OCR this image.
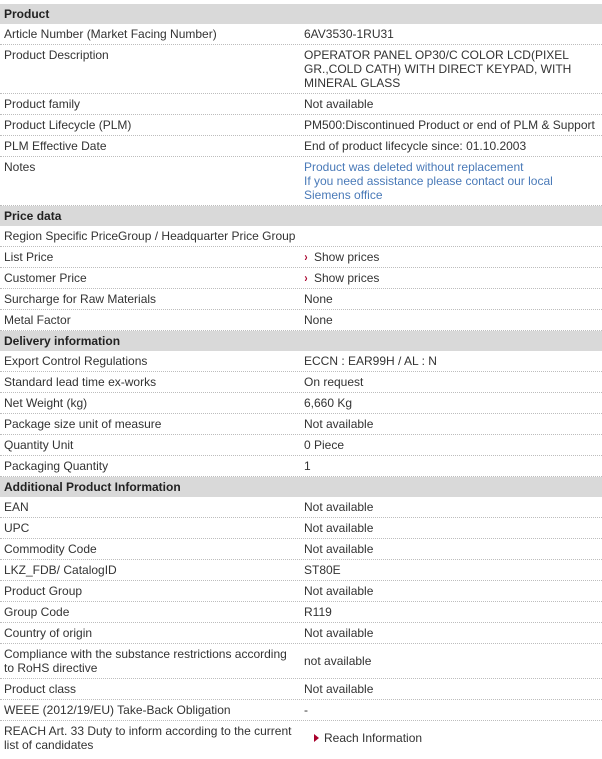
Product
Article Number (Market Facing Number)	6AV3530-1RU31
Product Description	OPERATOR PANEL OP30/C COLOR LCD(PIXEL GR.,COLD CATH) WITH DIRECT KEYPAD, WITH MINERAL GLASS
Product family	Not available
Product Lifecycle (PLM)	PM500:Discontinued Product or end of PLM & Support
PLM Effective Date	End of product lifecycle since: 01.10.2003
Notes	Product was deleted without replacement
If you need assistance please contact our local Siemens office
Price data
Region Specific PriceGroup / Headquarter Price Group
List Price	› Show prices
Customer Price	› Show prices
Surcharge for Raw Materials	None
Metal Factor	None
Delivery information
Export Control Regulations	ECCN : EAR99H / AL : N
Standard lead time ex-works	On request
Net Weight (kg)	6,660 Kg
Package size unit of measure	Not available
Quantity Unit	0 Piece
Packaging Quantity	1
Additional Product Information
EAN	Not available
UPC	Not available
Commodity Code	Not available
LKZ_FDB/ CatalogID	ST80E
Product Group	Not available
Group Code	R119
Country of origin	Not available
Compliance with the substance restrictions according to RoHS directive	not available
Product class	Not available
WEEE (2012/19/EU) Take-Back Obligation	-
REACH Art. 33 Duty to inform according to the current list of candidates	Reach Information
